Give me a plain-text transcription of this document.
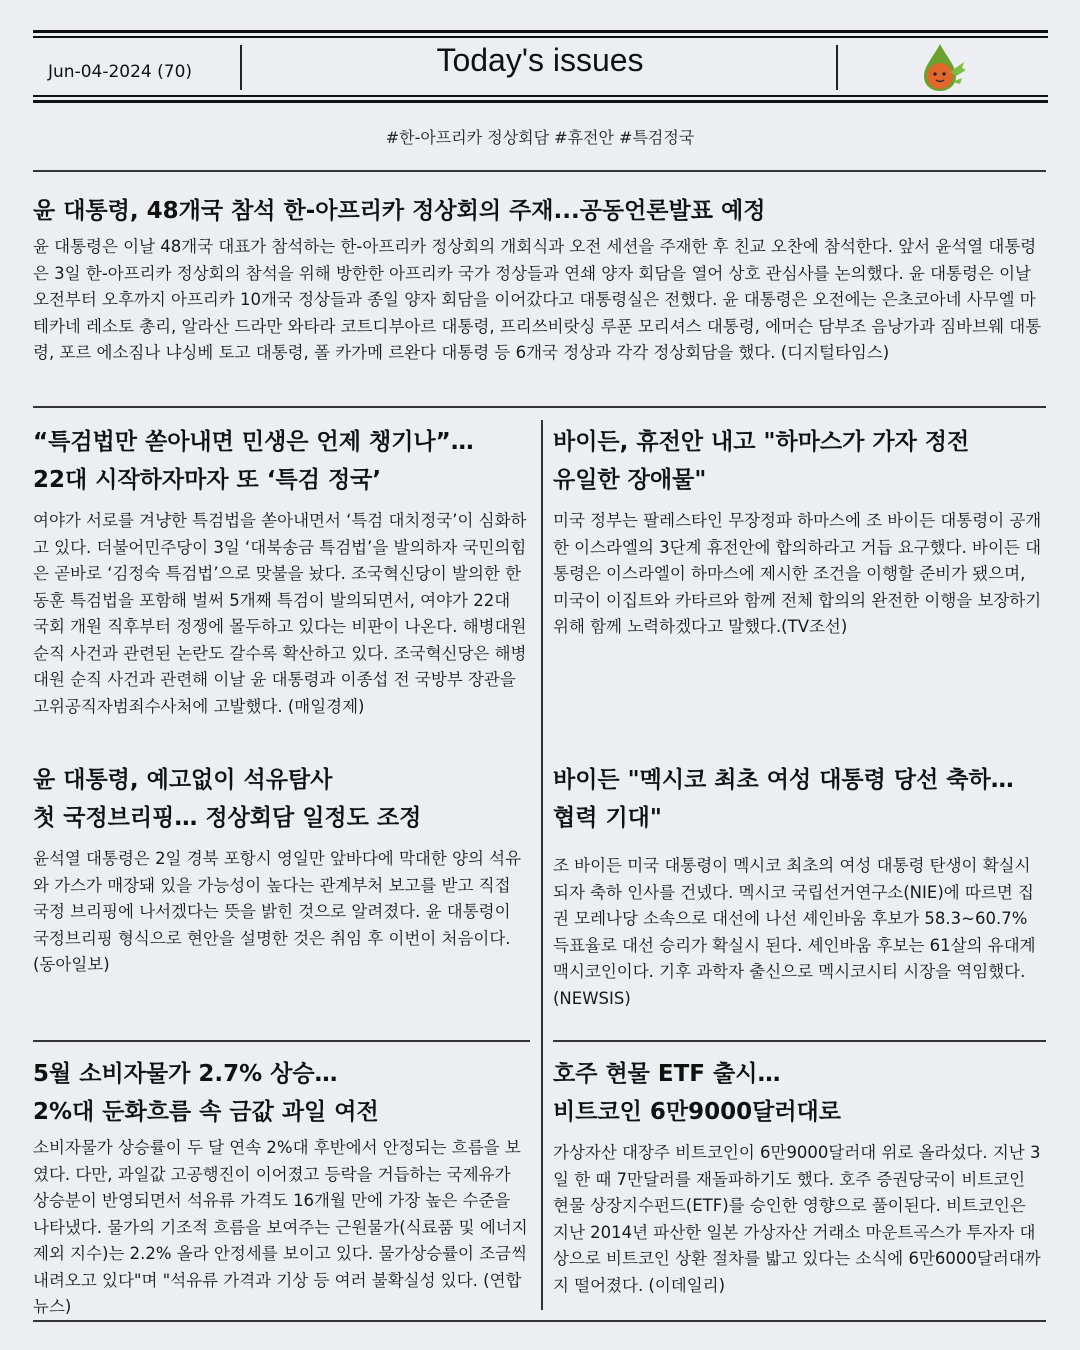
Jun-04-2024 (70)	Today's issues
#한-아프리카 정상회담 #휴전안 #특검정국
윤 대통령, 48개국 참석 한-아프리카 정상회의 주재...공동언론발표 예정

윤 대통령은 이날 48개국 대표가 참석하는 한-아프리카 정상회의 개회식과 오전 세션을 주재한 후 친교 오찬에 참석한다. 앞서 윤석열 대통령은 3일 한-아프리카 정상회의 참석을 위해 방한한 아프리카 국가 정상들과 연쇄 양자 회담을 열어 상호 관심사를 논의했다. 윤 대통령은 이날 오전부터 오후까지 아프리카 10개국 정상들과 종일 양자 회담을 이어갔다고 대통령실은 전했다. 윤 대통령은 오전에는 은초코아네 사무엘 마테카네 레소토 총리, 알라산 드라만 와타라 코트디부아르 대통령, 프리쓰비랏싱 루푼 모리셔스 대통령, 에머슨 담부조 음낭가과 짐바브웨 대통령, 포르 에소짐나 냐싱베 토고 대통령, 폴 카가메 르완다 대통령 등 6개국 정상과 각각 정상회담을 했다. (디지털타임스)

“특검법만 쏟아내면 민생은 언제 챙기나”…
22대 시작하자마자 또 ‘특검 정국’

여야가 서로를 겨냥한 특검법을 쏟아내면서 ‘특검 대치정국’이 심화하고 있다. 더불어민주당이 3일 ‘대북송금 특검법’을 발의하자 국민의힘은 곧바로 ‘김정숙 특검법’으로 맞불을 놨다. 조국혁신당이 발의한 한동훈 특검법을 포함해 벌써 5개째 특검이 발의되면서, 여야가 22대 국회 개원 직후부터 정쟁에 몰두하고 있다는 비판이 나온다. 해병대원 순직 사건과 관련된 논란도 갈수록 확산하고 있다. 조국혁신당은 해병대원 순직 사건과 관련해 이날 윤 대통령과 이종섭 전 국방부 장관을 고위공직자범죄수사처에 고발했다. (매일경제)

바이든, 휴전안 내고 "하마스가 가자 정전
유일한 장애물"

미국 정부는 팔레스타인 무장정파 하마스에 조 바이든 대통령이 공개한 이스라엘의 3단계 휴전안에 합의하라고 거듭 요구했다. 바이든 대통령은 이스라엘이 하마스에 제시한 조건을 이행할 준비가 됐으며, 미국이 이집트와 카타르와 함께 전체 합의의 완전한 이행을 보장하기 위해 함께 노력하겠다고 말했다.(TV조선)

윤 대통령, 예고없이 석유탐사
첫 국정브리핑… 정상회담 일정도 조정

윤석열 대통령은 2일 경북 포항시 영일만 앞바다에 막대한 양의 석유와 가스가 매장돼 있을 가능성이 높다는 관계부처 보고를 받고 직접 국정 브리핑에 나서겠다는 뜻을 밝힌 것으로 알려졌다. 윤 대통령이 국정브리핑 형식으로 현안을 설명한 것은 취임 후 이번이 처음이다. (동아일보)

바이든 "멕시코 최초 여성 대통령 당선 축하…
협력 기대"

조 바이든 미국 대통령이 멕시코 최초의 여성 대통령 탄생이 확실시되자 축하 인사를 건넸다. 멕시코 국립선거연구소(NIE)에 따르면 집권 모레나당 소속으로 대선에 나선 셰인바움 후보가 58.3~60.7% 득표율로 대선 승리가 확실시 된다. 셰인바움 후보는 61살의 유대계 맥시코인이다. 기후 과학자 출신으로 멕시코시티 시장을 역임했다. (NEWSIS)

5월 소비자물가 2.7% 상승…
2%대 둔화흐름 속 금값 과일 여전

소비자물가 상승률이 두 달 연속 2%대 후반에서 안정되는 흐름을 보였다. 다만, 과일값 고공행진이 이어졌고 등락을 거듭하는 국제유가 상승분이 반영되면서 석유류 가격도 16개월 만에 가장 높은 수준을 나타냈다. 물가의 기조적 흐름을 보여주는 근원물가(식료품 및 에너지 제외 지수)는 2.2% 올라 안정세를 보이고 있다. 물가상승률이 조금씩 내려오고 있다"며 "석유류 가격과 기상 등 여러 불확실성 있다. (연합뉴스)

호주 현물 ETF 출시…
비트코인 6만9000달러대로

가상자산 대장주 비트코인이 6만9000달러대 위로 올라섰다. 지난 3일 한 때 7만달러를 재돌파하기도 했다. 호주 증권당국이 비트코인 현물 상장지수펀드(ETF)를 승인한 영향으로 풀이된다. 비트코인은 지난 2014년 파산한 일본 가상자산 거래소 마운트곡스가 투자자 대상으로 비트코인 상환 절차를 밟고 있다는 소식에 6만6000달러대까지 떨어졌다. (이데일리)
